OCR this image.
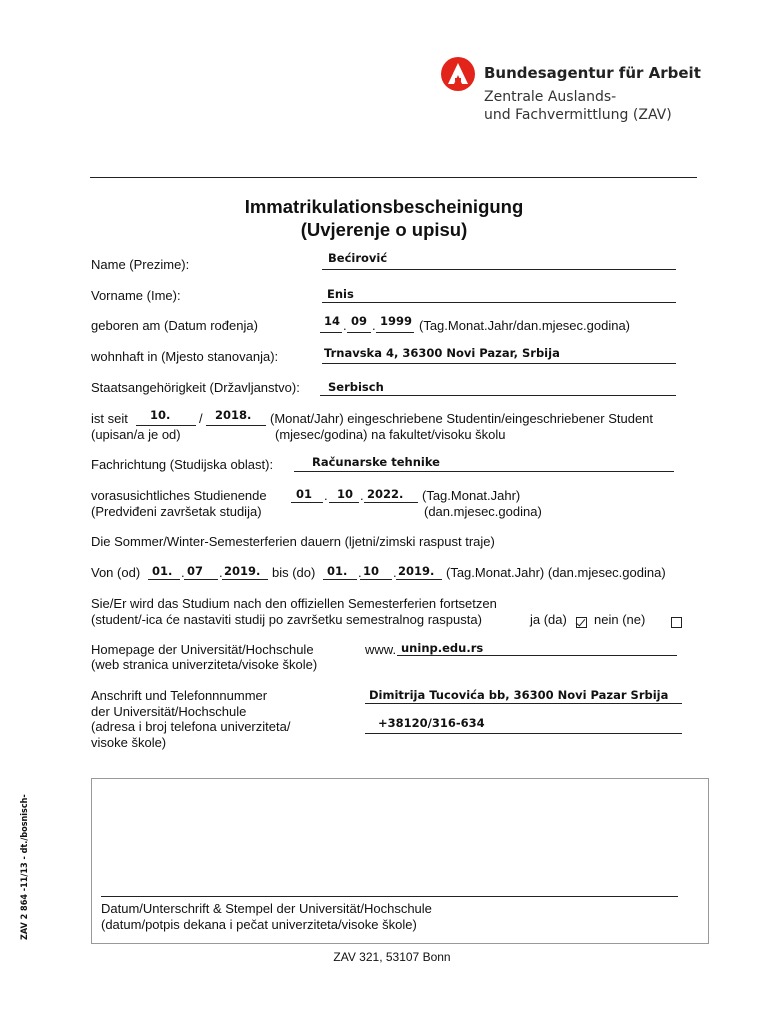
Bundesagentur für Arbeit
Zentrale Auslands-
und Fachvermittlung (ZAV)
Immatrikulationsbescheinigung
(Uvjerenje o upisu)
Name (Prezime):	Bećirović
Vorname (Ime):	Enis
geboren am (Datum rođenja)	14 . 09 . 1999 (Tag.Monat.Jahr/dan.mjesec.godina)
wohnhaft in (Mjesto stanovanja):	Trnavska 4, 36300 Novi Pazar, Srbija
Staatsangehörigkeit (Državljanstvo): Serbisch
ist seit 10. / 2018. (Monat/Jahr) eingeschriebene Studentin/eingeschriebener Student
(upisan/a je od)	(mjesec/godina) na fakultet/visoku školu
Fachrichtung (Studijska oblast):	Računarske tehnike
vorasusichtliches Studienende
(Predviđeni završetak studija)
01 . 10 . 2022. (Tag.Monat.Jahr)
(dan.mjesec.godina)
Die Sommer/Winter-Semesterferien dauern (ljetni/zimski raspust traje)
Von (od) 01. . 07 . 2019. bis (do) 01. . 10 . 2019. (Tag.Monat.Jahr) (dan.mjesec.godina)
Sie/Er wird das Studium nach den offiziellen Semesterferien fortsetzen
(student/-ica će nastaviti studij po završetku semestralnog raspusta)	ja (da)
nein (ne)
Homepage der Universität/Hochschule
(web stranica univerziteta/visoke škole)
www. uninp.edu.rs
Anschrift und Telefonnnummer
der Universität/Hochschule
(adresa i broj telefona univerziteta/
visoke škole)
Dimitrija Tucovića bb, 36300 Novi Pazar Srbija
+38120/316-634
Datum/Unterschrift & Stempel der Universität/Hochschule
(datum/potpis dekana i pečat univerziteta/visoke škole)
ZAV 2 864 -11/13 - dt./bosnisch-
ZAV 321, 53107 Bonn
